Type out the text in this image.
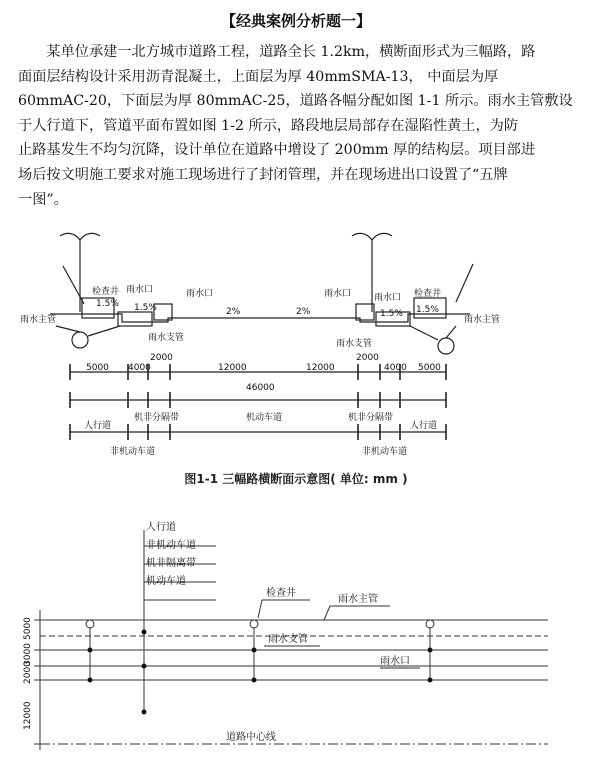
【经典案例分析题一】
　　某单位承建一北方城市道路工程，道路全长 1.2km，横断面形式为三幅路，路
面面层结构设计采用沥青混凝土，上面层为厚 40mmSMA-13， 中面层为厚
60mmAC-20，下面层为厚 80mmAC-25，道路各幅分配如图 1-1 所示。雨水主管敷设
于人行道下，管道平面布置如图 1-2 所示，路段地层局部存在湿陷性黄土，为防
止路基发生不均匀沉降，设计单位在道路中增设了 200mm 厚的结构层。项目部进
场后按文明施工要求对施工现场进行了封闭管理，并在现场进出口设置了“五牌
一图”。
雨水主管	雨水主管
检查井	检查井
雨水口	雨水口	雨水口	雨水口
雨水支管
雨水支管
1.5% 1.5%	2%	2%	1.5% 1.5%
5000 4000
2000
12000	12000
2000
4000 5000
46000
人行道
机非分隔带	机动车道	机非分隔带
人行道
非机动车道	非机动车道
图1-1 三幅路横断面示意图( 单位: mm )
人行道
非机动车道
机非隔离带
机动车道
检查井
雨水主管
雨水支管
雨水口
道路中心线
5000
3000
2000
12000
